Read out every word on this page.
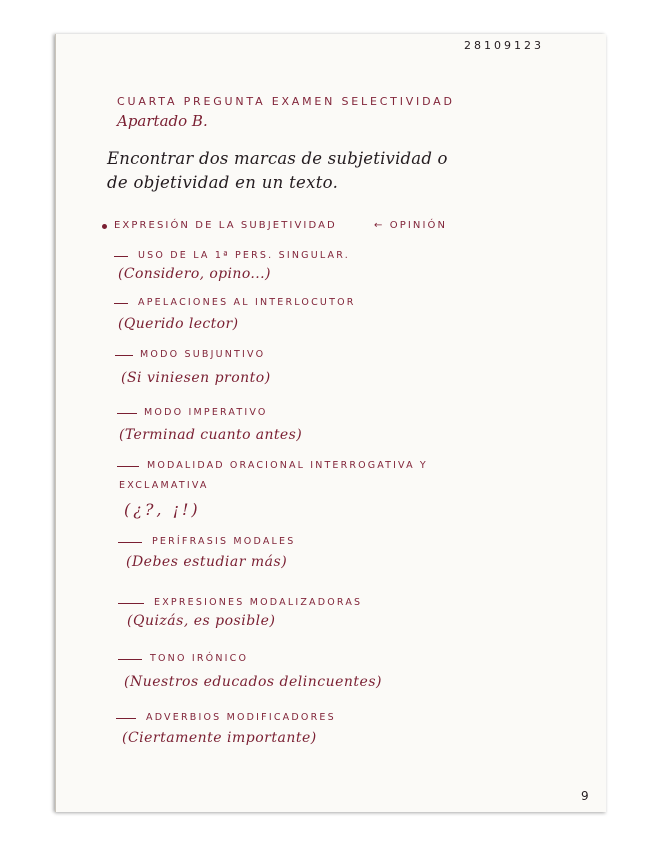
28109123
CUARTA PREGUNTA EXAMEN SELECTIVIDAD
Apartado B.
Encontrar dos marcas de subjetividad o
de objetividad en un texto.
EXPRESIÓN DE LA SUBJETIVIDAD	← OPINIÓN
USO DE LA 1ª PERS. SINGULAR.
(Considero, opino...)
APELACIONES AL INTERLOCUTOR
(Querido lector)
MODO SUBJUNTIVO
(Si viniesen pronto)
MODO IMPERATIVO
(Terminad cuanto antes)
MODALIDAD ORACIONAL INTERROGATIVA Y
EXCLAMATIVA
(¿?, ¡!)
PERÍFRASIS MODALES
(Debes estudiar más)
EXPRESIONES MODALIZADORAS
(Quizás, es posible)
TONO IRÓNICO
(Nuestros educados delincuentes)
ADVERBIOS MODIFICADORES
(Ciertamente importante)
9
